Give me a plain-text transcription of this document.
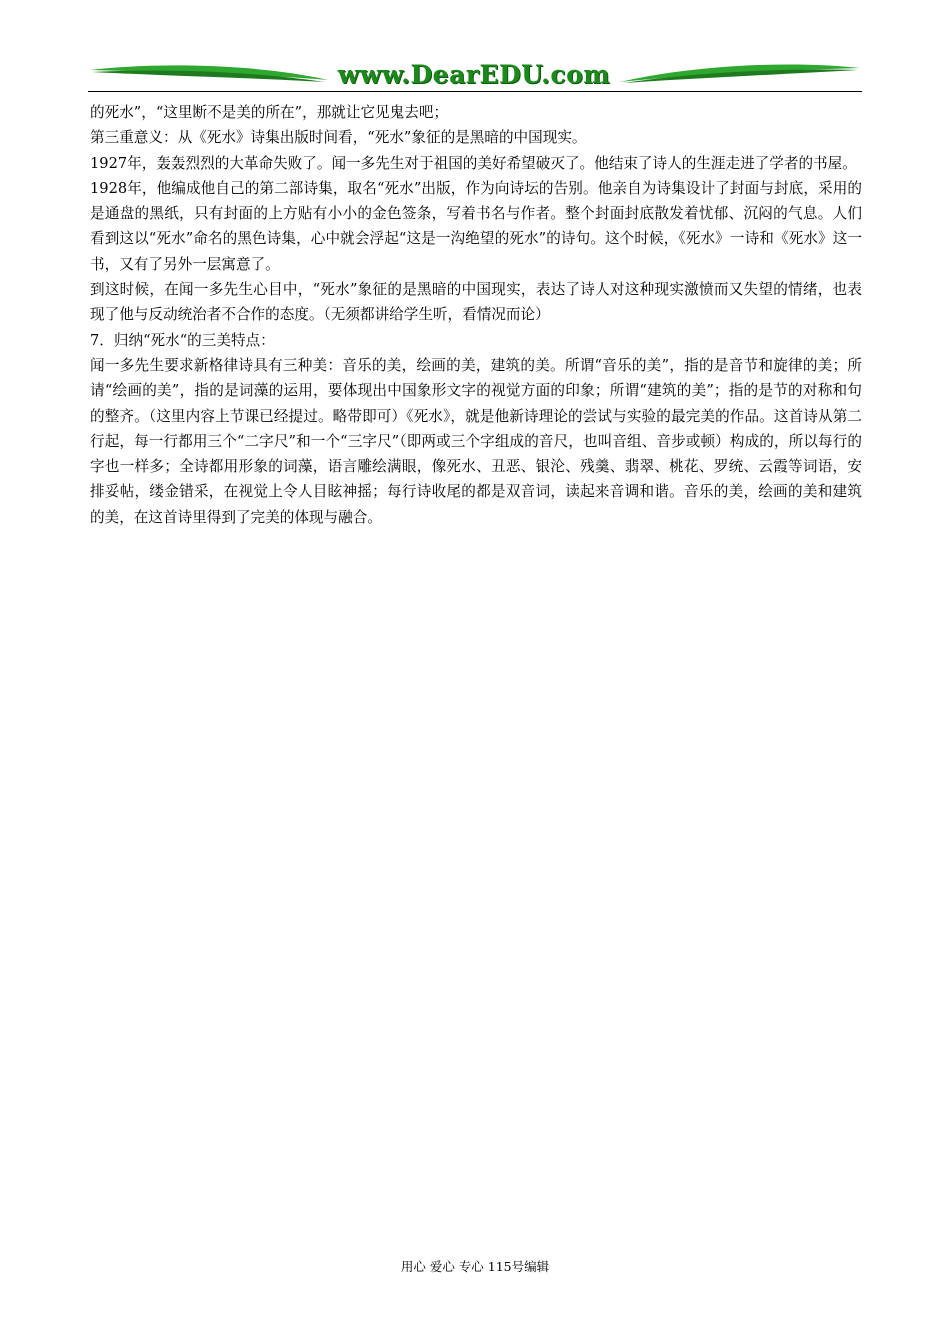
www.DearEDU.com

的死水”，“这里断不是美的所在”，那就让它见鬼去吧；

第三重意义：从《死水》诗集出版时间看，“死水”象征的是黑暗的中国现实。

1927年，轰轰烈烈的大革命失败了。闻一多先生对于祖国的美好希望破灭了。他结束了诗人的生涯走进了学者的书屋。

1928年，他编成他自己的第二部诗集，取名“死水”出版，作为向诗坛的告别。他亲自为诗集设计了封面与封底，采用的是通盘的黑纸，只有封面的上方贴有小小的金色签条，写着书名与作者。整个封面封底散发着忧郁、沉闷的气息。人们看到这以“死水”命名的黑色诗集，心中就会浮起“这是一沟绝望的死水”的诗句。这个时候，《死水》一诗和《死水》这一书，又有了另外一层寓意了。

到这时候，在闻一多先生心目中，“死水”象征的是黑暗的中国现实，表达了诗人对这种现实激愤而又失望的情绪，也表现了他与反动统治者不合作的态度。（无须都讲给学生听，看情况而论）

7．归纳“死水“的三美特点：

闻一多先生要求新格律诗具有三种美：音乐的美，绘画的美，建筑的美。所谓“音乐的美”，指的是音节和旋律的美；所请“绘画的美”，指的是词藻的运用，要体现出中国象形文字的视觉方面的印象；所谓“建筑的美”；指的是节的对称和句的整齐。（这里内容上节课已经提过。略带即可）《死水》，就是他新诗理论的尝试与实验的最完美的作品。这首诗从第二行起，每一行都用三个“二字尺”和一个“三字尺”（即两或三个字组成的音尺，也叫音组、音步或顿）构成的，所以每行的字也一样多；全诗都用形象的词藻，语言雕绘满眼，像死水、丑恶、银沦、残羹、翡翠、桃花、罗统、云霞等词语，安排妥帖，缕金错采，在视觉上令人目眩神摇；每行诗收尾的都是双音词，读起来音调和谐。音乐的美，绘画的美和建筑的美，在这首诗里得到了完美的体现与融合。

用心 爱心 专心 115号编辑
